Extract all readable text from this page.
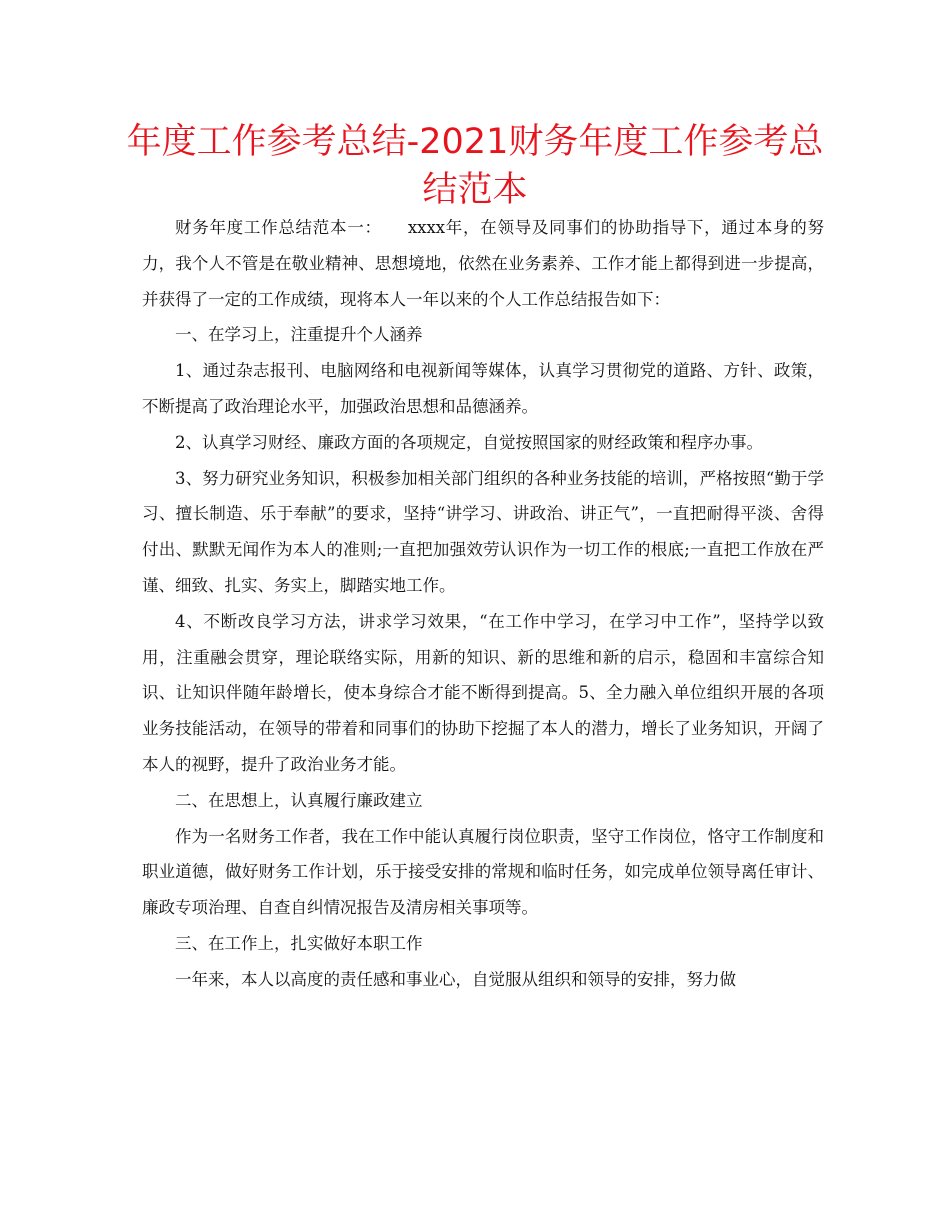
年度工作参考总结-2021财务年度工作参考总结范本

财务年度工作总结范本一：　　xxxx年，在领导及同事们的协助指导下，通过本身的努力，我个人不管是在敬业精神、思想境地，依然在业务素养、工作才能上都得到进一步提高，并获得了一定的工作成绩，现将本人一年以来的个人工作总结报告如下：

一、在学习上，注重提升个人涵养

1、通过杂志报刊、电脑网络和电视新闻等媒体，认真学习贯彻党的道路、方针、政策，不断提高了政治理论水平，加强政治思想和品德涵养。

2、认真学习财经、廉政方面的各项规定，自觉按照国家的财经政策和程序办事。

3、努力研究业务知识，积极参加相关部门组织的各种业务技能的培训，严格按照“勤于学习、擅长制造、乐于奉献”的要求，坚持“讲学习、讲政治、讲正气”，一直把耐得平淡、舍得付出、默默无闻作为本人的准则;一直把加强效劳认识作为一切工作的根底;一直把工作放在严谨、细致、扎实、务实上，脚踏实地工作。

4、不断改良学习方法，讲求学习效果，“在工作中学习，在学习中工作”，坚持学以致用，注重融会贯穿，理论联络实际，用新的知识、新的思维和新的启示，稳固和丰富综合知识、让知识伴随年龄增长，使本身综合才能不断得到提高。5、全力融入单位组织开展的各项业务技能活动，在领导的带着和同事们的协助下挖掘了本人的潜力，增长了业务知识，开阔了本人的视野，提升了政治业务才能。

二、在思想上，认真履行廉政建立

作为一名财务工作者，我在工作中能认真履行岗位职责，坚守工作岗位，恪守工作制度和职业道德，做好财务工作计划，乐于接受安排的常规和临时任务，如完成单位领导离任审计、廉政专项治理、自查自纠情况报告及清房相关事项等。

三、在工作上，扎实做好本职工作

一年来，本人以高度的责任感和事业心，自觉服从组织和领导的安排，努力做
